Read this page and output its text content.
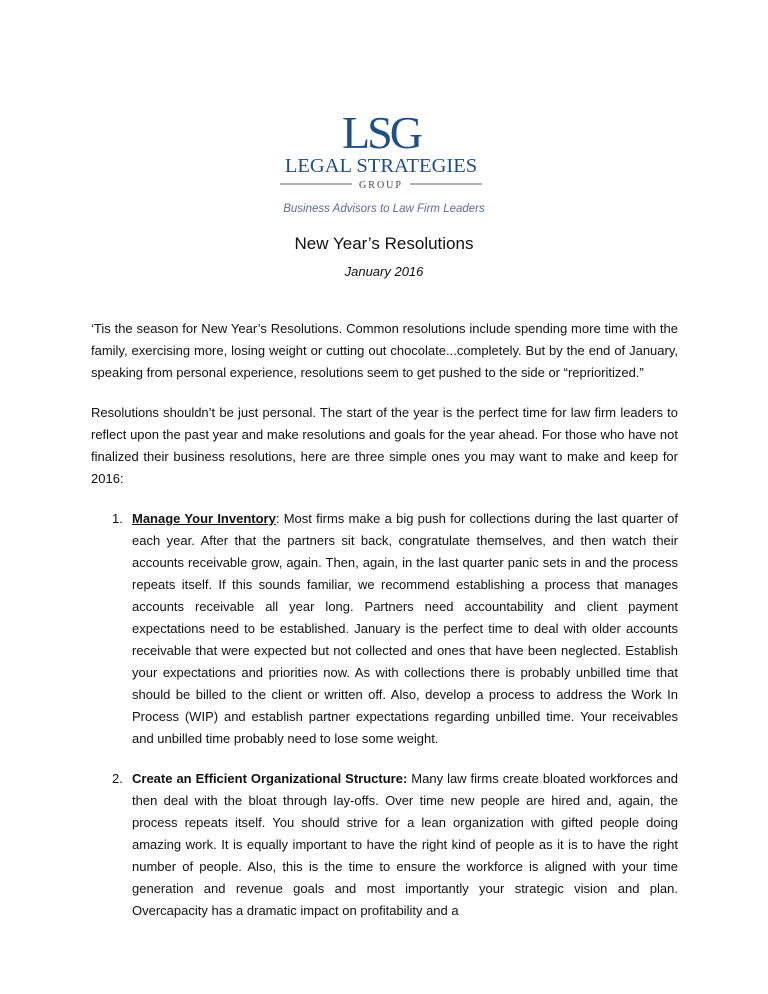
LSG
LEGAL STRATEGIES
GROUP
Business Advisors to Law Firm Leaders
New Year’s Resolutions
January 2016

‘Tis the season for New Year’s Resolutions. Common resolutions include spending more time with the family, exercising more, losing weight or cutting out chocolate...completely. But by the end of January, speaking from personal experience, resolutions seem to get pushed to the side or “reprioritized.”

Resolutions shouldn’t be just personal. The start of the year is the perfect time for law firm leaders to reflect upon the past year and make resolutions and goals for the year ahead. For those who have not finalized their business resolutions, here are three simple ones you may want to make and keep for 2016:

1. Manage Your Inventory: Most firms make a big push for collections during the last quarter of each year. After that the partners sit back, congratulate themselves, and then watch their accounts receivable grow, again. Then, again, in the last quarter panic sets in and the process repeats itself. If this sounds familiar, we recommend establishing a process that manages accounts receivable all year long. Partners need accountability and client payment expectations need to be established. January is the perfect time to deal with older accounts receivable that were expected but not collected and ones that have been neglected. Establish your expectations and priorities now. As with collections there is probably unbilled time that should be billed to the client or written off. Also, develop a process to address the Work In Process (WIP) and establish partner expectations regarding unbilled time. Your receivables and unbilled time probably need to lose some weight.
2. Create an Efficient Organizational Structure: Many law firms create bloated workforces and then deal with the bloat through lay-offs. Over time new people are hired and, again, the process repeats itself. You should strive for a lean organization with gifted people doing amazing work. It is equally important to have the right kind of people as it is to have the right number of people. Also, this is the time to ensure the workforce is aligned with your time generation and revenue goals and most importantly your strategic vision and plan. Overcapacity has a dramatic impact on profitability and a
